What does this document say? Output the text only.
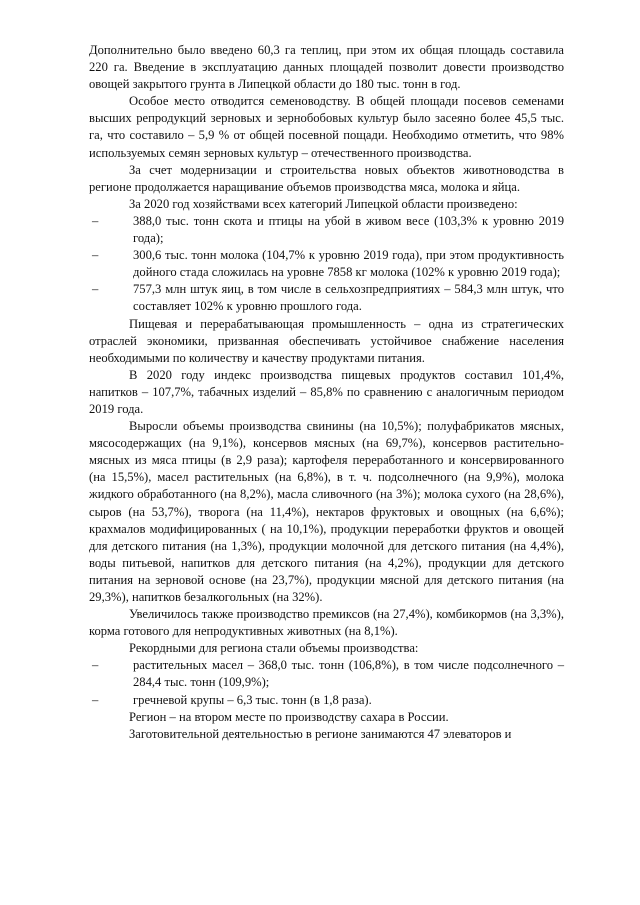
Дополнительно было введено 60,3 га теплиц, при этом их общая площадь составила 220 га. Введение в эксплуатацию данных площадей позволит довести производство овощей закрытого грунта в Липецкой области до 180 тыс. тонн в год.

Особое место отводится семеноводству. В общей площади посевов семенами высших репродукций зерновых и зернобобовых культур было засеяно более 45,5 тыс. га, что составило – 5,9 % от общей посевной пощади. Необходимо отметить, что 98% используемых семян зерновых культур – отечественного производства.

За счет модернизации и строительства новых объектов животноводства в регионе продолжается наращивание объемов производства мяса, молока и яйца.

За 2020 год хозяйствами всех категорий Липецкой области произведено:

–	388,0 тыс. тонн скота и птицы на убой в живом весе (103,3% к уровню 2019 года);
–	300,6 тыс. тонн молока (104,7% к уровню 2019 года), при этом продуктивность дойного стада сложилась на уровне 7858 кг молока (102% к уровню 2019 года);
–	757,3 млн штук яиц, в том числе в сельхозпредприятиях – 584,3 млн штук, что составляет 102% к уровню прошлого года.

Пищевая и перерабатывающая промышленность – одна из стратегических отраслей экономики, призванная обеспечивать устойчивое снабжение населения необходимыми по количеству и качеству продуктами питания.

В 2020 году индекс производства пищевых продуктов составил 101,4%, напитков – 107,7%, табачных изделий – 85,8% по сравнению с аналогичным периодом 2019 года.

Выросли объемы производства свинины (на 10,5%); полуфабрикатов мясных, мясосодержащих (на 9,1%), консервов мясных (на 69,7%), консервов растительно-мясных из мяса птицы (в 2,9 раза); картофеля переработанного и консервированного (на 15,5%), масел растительных (на 6,8%), в т. ч. подсолнечного (на 9,9%), молока жидкого обработанного (на 8,2%), масла сливочного (на 3%); молока сухого (на 28,6%), сыров (на 53,7%), творога (на 11,4%), нектаров фруктовых и овощных (на 6,6%); крахмалов модифицированных ( на 10,1%), продукции переработки фруктов и овощей для детского питания (на 1,3%), продукции молочной для детского питания (на 4,4%), воды питьевой, напитков для детского питания (на 4,2%), продукции для детского питания на зерновой основе (на 23,7%), продукции мясной для детского питания (на 29,3%), напитков безалкогольных (на 32%).

Увеличилось также производство премиксов (на 27,4%), комбикормов (на 3,3%), корма готового для непродуктивных животных (на 8,1%).

Рекордными для региона стали объемы производства:

–	растительных масел – 368,0 тыс. тонн (106,8%), в том числе подсолнечного – 284,4 тыс. тонн (109,9%);
–	гречневой крупы – 6,3 тыс. тонн (в 1,8 раза).

Регион – на втором месте по производству сахара в России.

Заготовительной деятельностью в регионе занимаются 47 элеваторов и
